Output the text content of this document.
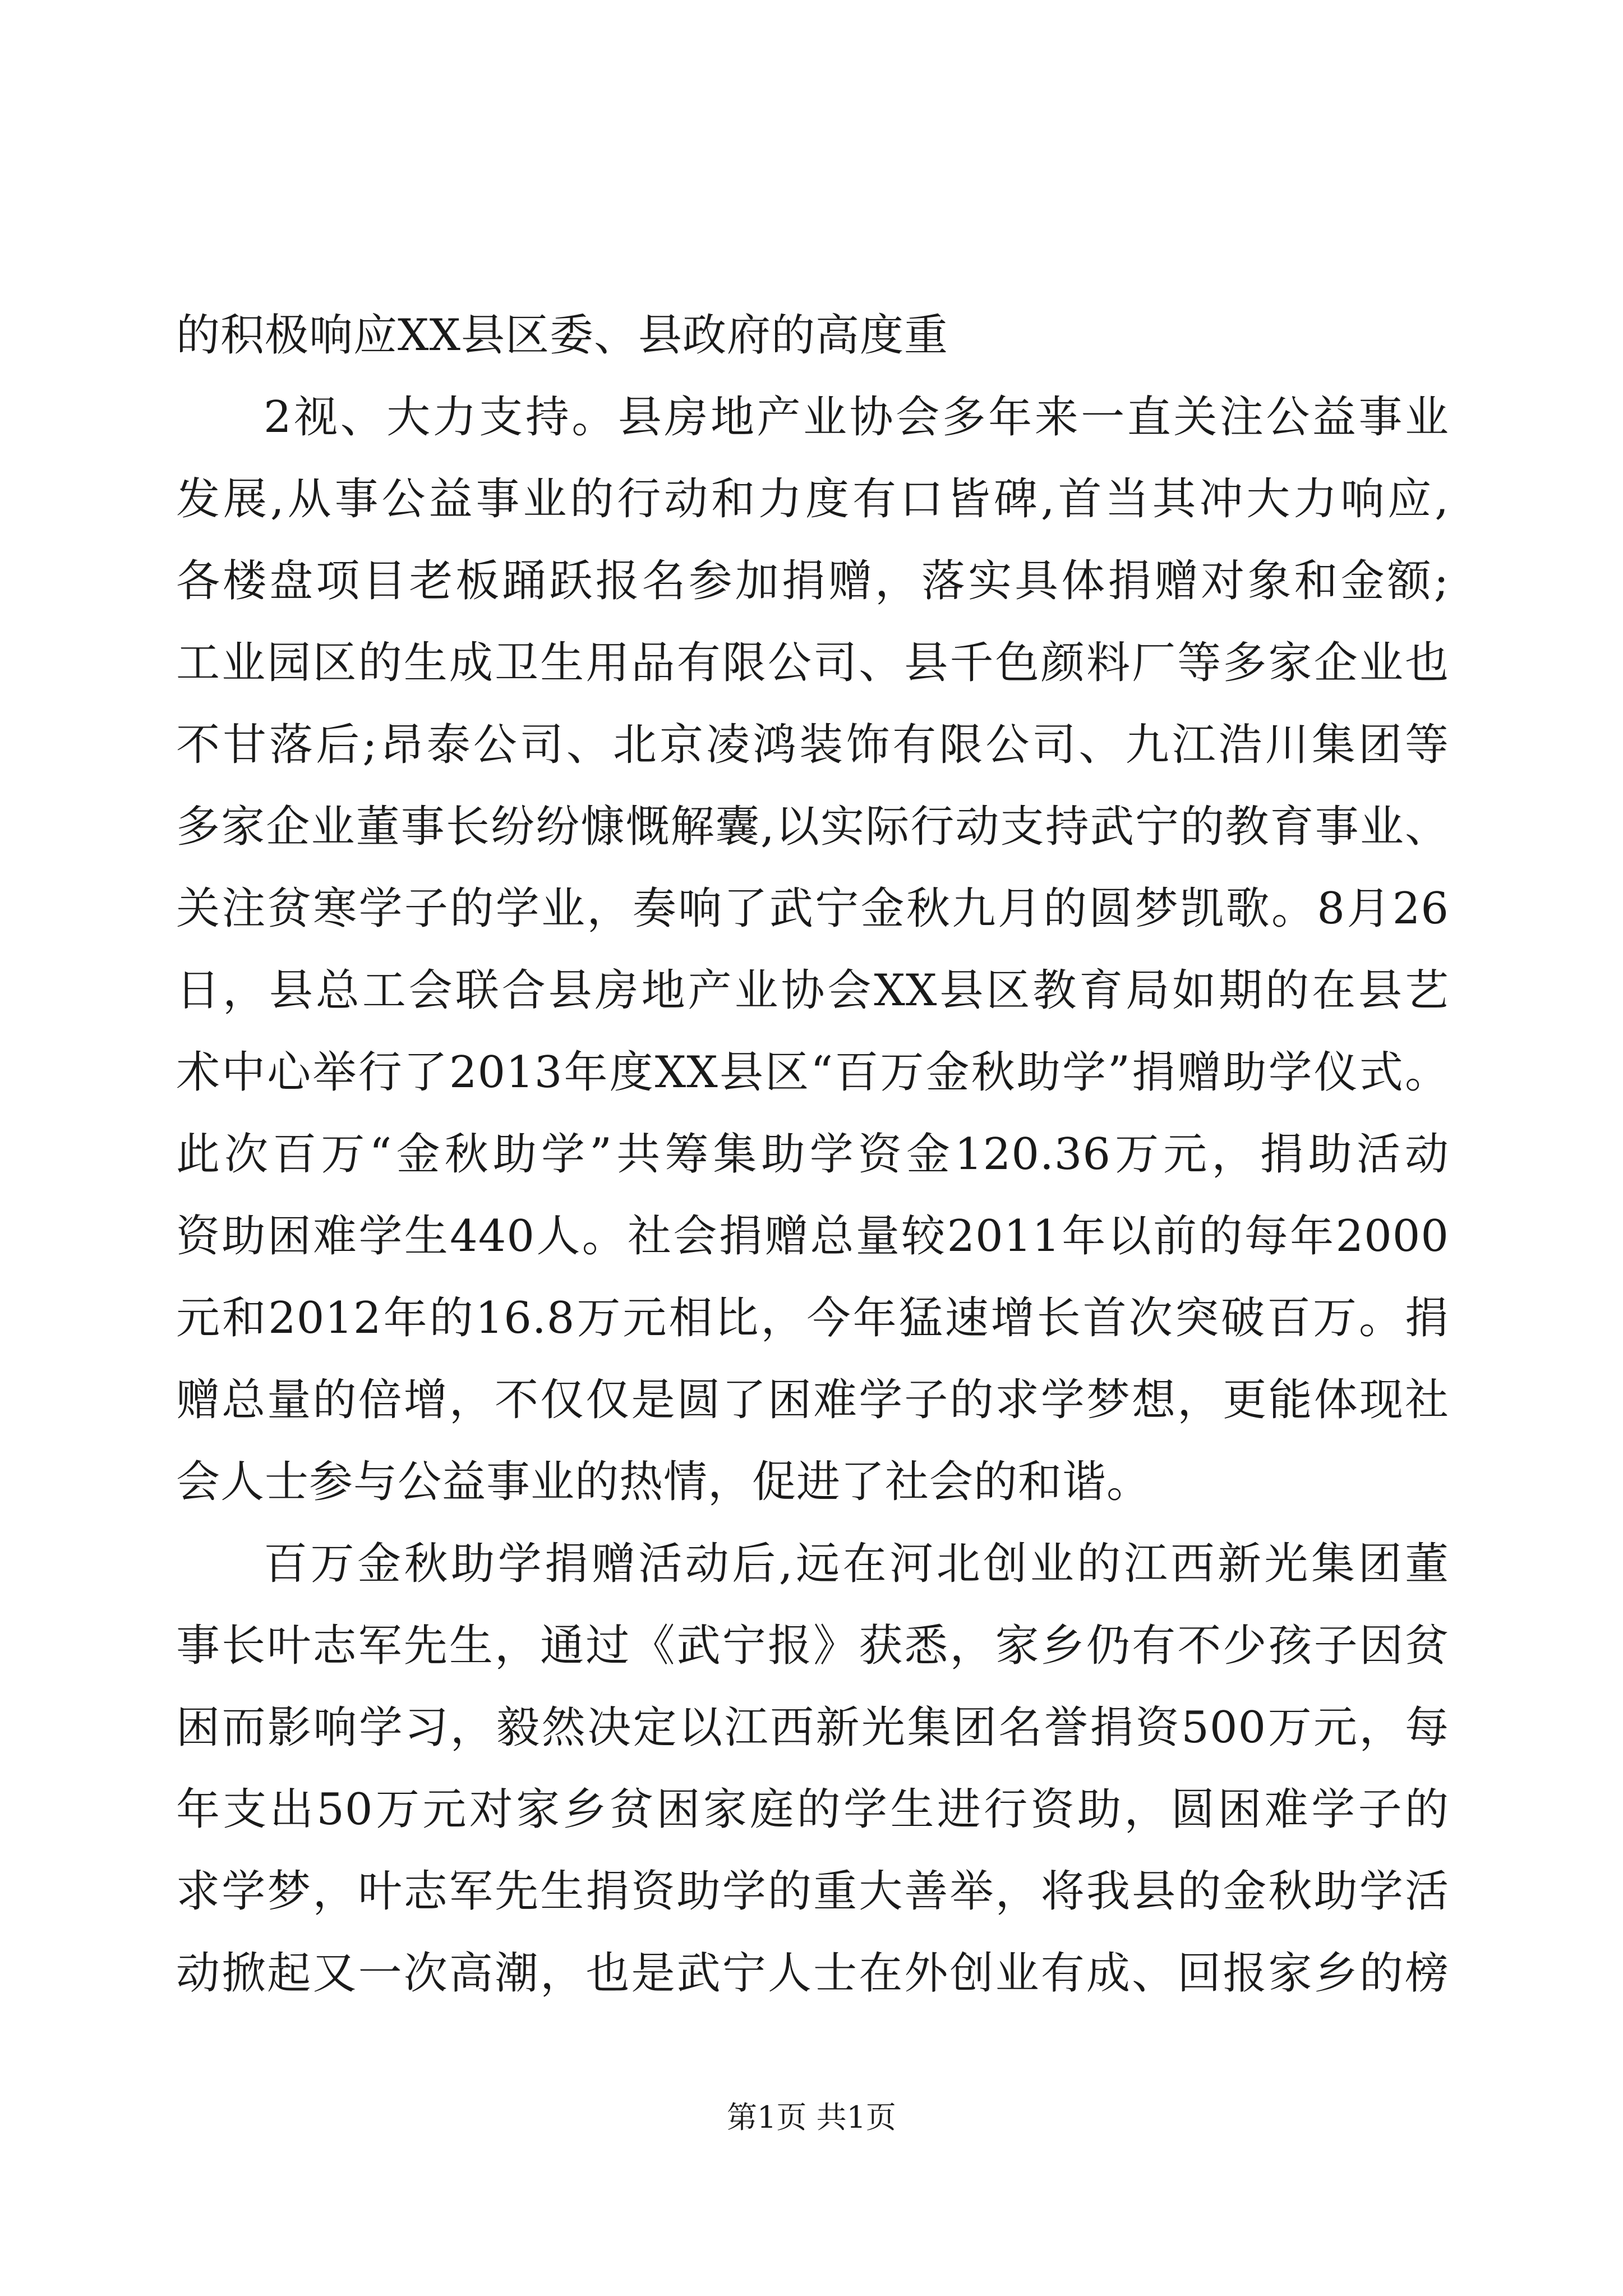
的积极响应XX县区委、县政府的高度重
2视、大力支持。县房地产业协会多年来一直关注公益事业
发展,从事公益事业的行动和力度有口皆碑,首当其冲大力响应,
各楼盘项目老板踊跃报名参加捐赠，落实具体捐赠对象和金额;
工业园区的生成卫生用品有限公司、县千色颜料厂等多家企业也
不甘落后;昂泰公司、北京凌鸿装饰有限公司、九江浩川集团等
多家企业董事长纷纷慷慨解囊,以实际行动支持武宁的教育事业、
关注贫寒学子的学业，奏响了武宁金秋九月的圆梦凯歌。8月26
日，县总工会联合县房地产业协会XX县区教育局如期的在县艺
术中心举行了2013年度XX县区“百万金秋助学”捐赠助学仪式。
此次百万“金秋助学”共筹集助学资金120.36万元，捐助活动
资助困难学生440人。社会捐赠总量较2011年以前的每年2000
元和2012年的16.8万元相比，今年猛速增长首次突破百万。捐
赠总量的倍增，不仅仅是圆了困难学子的求学梦想，更能体现社
会人士参与公益事业的热情，促进了社会的和谐。
百万金秋助学捐赠活动后,远在河北创业的江西新光集团董
事长叶志军先生，通过《武宁报》获悉，家乡仍有不少孩子因贫
困而影响学习，毅然决定以江西新光集团名誉捐资500万元，每
年支出50万元对家乡贫困家庭的学生进行资助，圆困难学子的
求学梦，叶志军先生捐资助学的重大善举，将我县的金秋助学活
动掀起又一次高潮，也是武宁人士在外创业有成、回报家乡的榜
第1页 共1页
